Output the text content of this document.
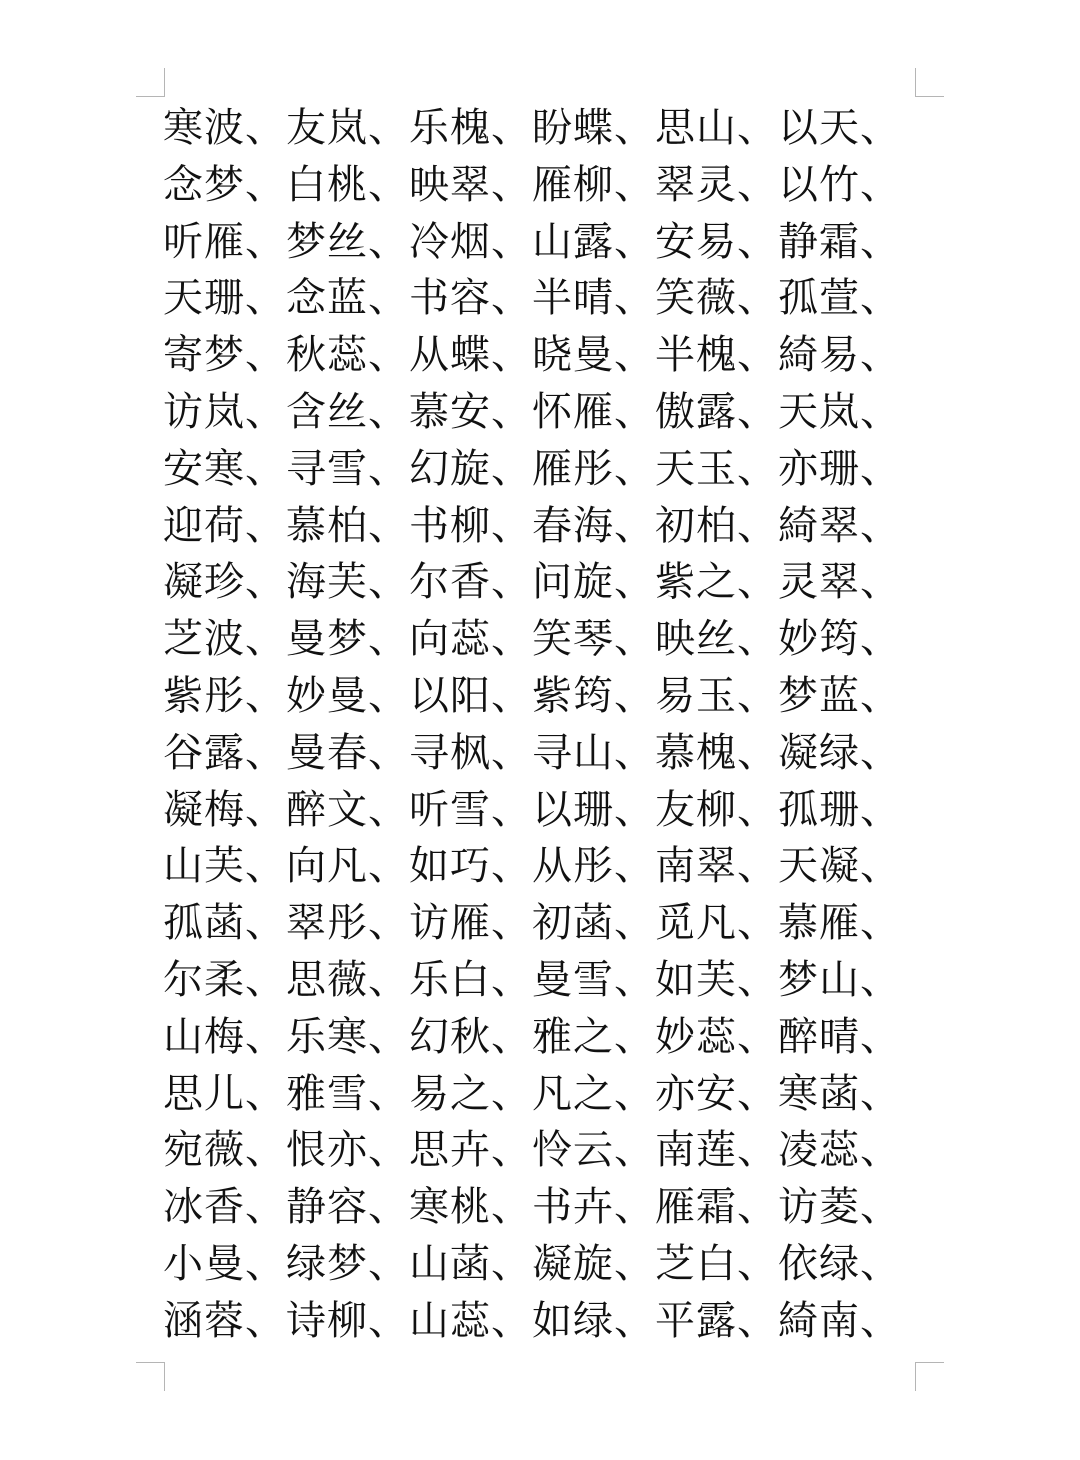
寒波、友岚、乐槐、盼蝶、思山、以天、
念梦、白桃、映翠、雁柳、翠灵、以竹、
听雁、梦丝、冷烟、山露、安易、静霜、
天珊、念蓝、书容、半晴、笑薇、孤萱、
寄梦、秋蕊、从蝶、晓曼、半槐、綺易、
访岚、含丝、慕安、怀雁、傲露、天岚、
安寒、寻雪、幻旋、雁彤、天玉、亦珊、
迎荷、慕柏、书柳、春海、初柏、綺翠、
凝珍、海芙、尔香、问旋、紫之、灵翠、
芝波、曼梦、向蕊、笑琴、映丝、妙筠、
紫彤、妙曼、以阳、紫筠、易玉、梦蓝、
谷露、曼春、寻枫、寻山、慕槐、凝绿、
凝梅、醉文、听雪、以珊、友柳、孤珊、
山芙、向凡、如巧、从彤、南翠、天凝、
孤菡、翠彤、访雁、初菡、觅凡、慕雁、
尔柔、思薇、乐白、曼雪、如芙、梦山、
山梅、乐寒、幻秋、雅之、妙蕊、醉晴、
思儿、雅雪、易之、凡之、亦安、寒菡、
宛薇、恨亦、思卉、怜云、南莲、凌蕊、
冰香、静容、寒桃、书卉、雁霜、访菱、
小曼、绿梦、山菡、凝旋、芝白、依绿、
涵蓉、诗柳、山蕊、如绿、平露、綺南、
